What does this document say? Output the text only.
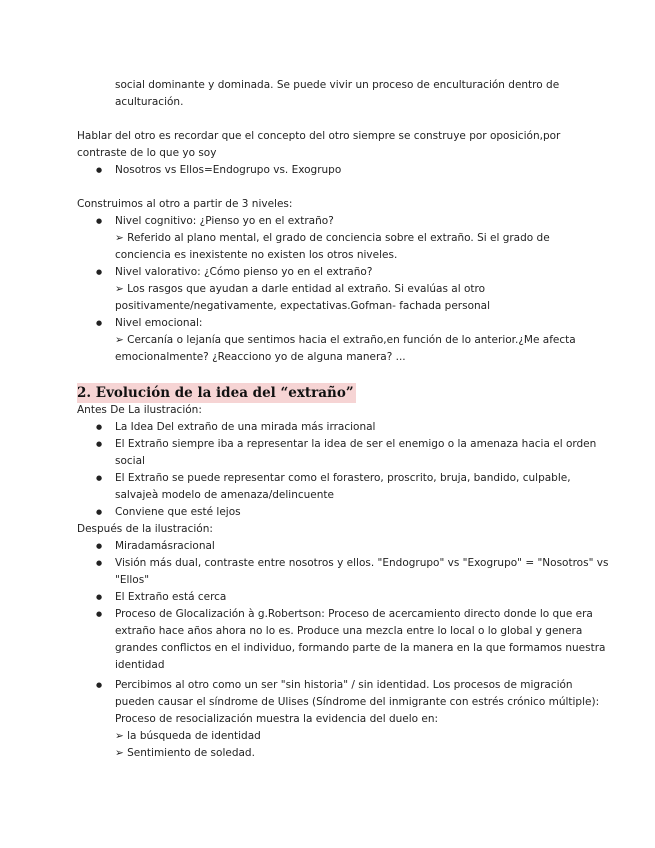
social dominante y dominada. Se puede vivir un proceso de enculturación dentro de
aculturación.
Hablar del otro es recordar que el concepto del otro siempre se construye por oposición,por
contraste de lo que yo soy
● Nosotros vs Ellos=Endogrupo vs. Exogrupo
Construimos al otro a partir de 3 niveles:
● Nivel cognitivo: ¿Pienso yo en el extraño?
➢ Referido al plano mental, el grado de conciencia sobre el extraño. Si el grado de
conciencia es inexistente no existen los otros niveles.
● Nivel valorativo: ¿Cómo pienso yo en el extraño?
➢ Los rasgos que ayudan a darle entidad al extraño. Si evalúas al otro
positivamente/negativamente, expectativas.Gofman- fachada personal
● Nivel emocional:
➢ Cercanía o lejanía que sentimos hacia el extraño,en función de lo anterior.¿Me afecta
emocionalmente? ¿Reacciono yo de alguna manera? ...
2. Evolución de la idea del “extraño”
Antes De La ilustración:
● La Idea Del extraño de una mirada más irracional
● El Extraño siempre iba a representar la idea de ser el enemigo o la amenaza hacia el orden
social
● El Extraño se puede representar como el forastero, proscrito, bruja, bandido, culpable,
salvajeà modelo de amenaza/delincuente
● Conviene que esté lejos
Después de la ilustración:
● Miradamásracional
● Visión más dual, contraste entre nosotros y ellos. "Endogrupo" vs "Exogrupo" = "Nosotros" vs
"Ellos"
● El Extraño está cerca
● Proceso de Glocalización à g.Robertson: Proceso de acercamiento directo donde lo que era
extraño hace años ahora no lo es. Produce una mezcla entre lo local o lo global y genera
grandes conflictos en el individuo, formando parte de la manera en la que formamos nuestra
identidad
● Percibimos al otro como un ser "sin historia" / sin identidad. Los procesos de migración
pueden causar el síndrome de Ulises (Síndrome del inmigrante con estrés crónico múltiple):
Proceso de resocialización muestra la evidencia del duelo en:
➢ la búsqueda de identidad
➢ Sentimiento de soledad.
